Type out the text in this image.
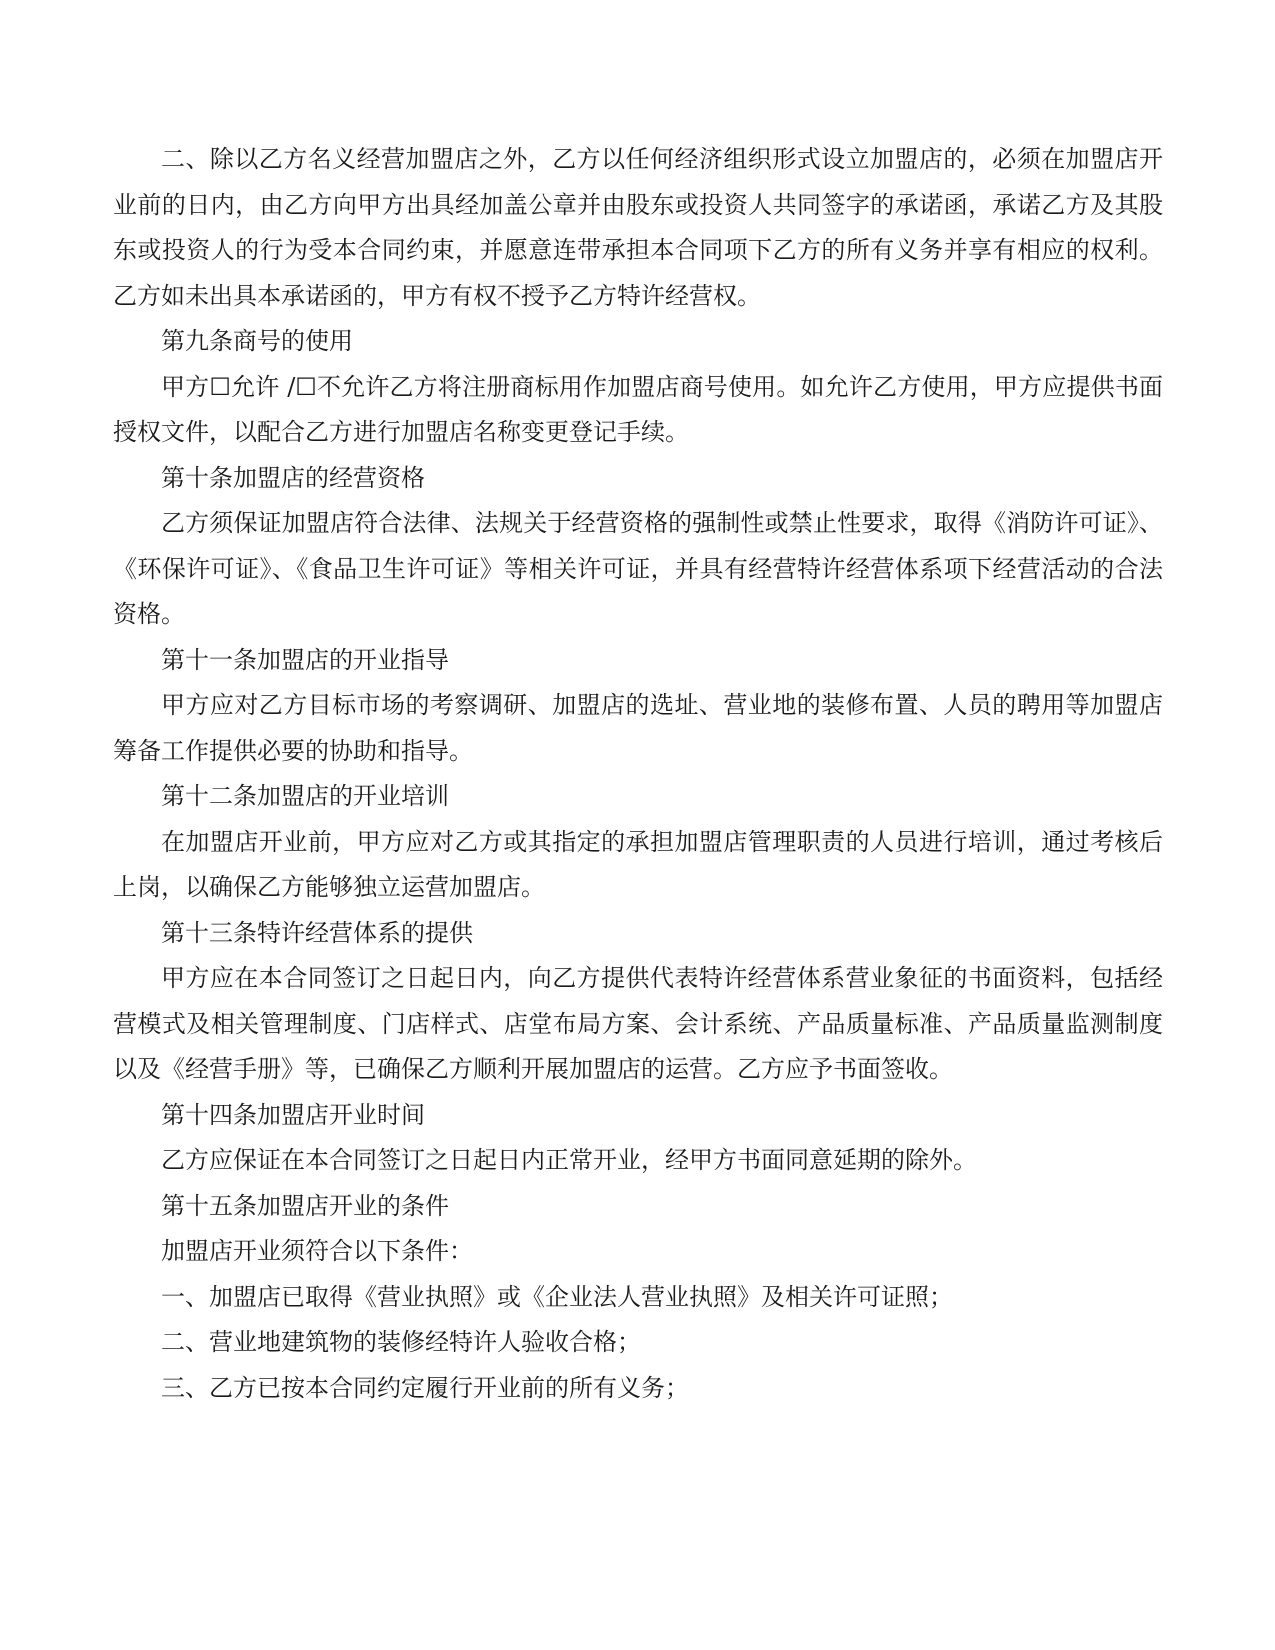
二、除以乙方名义经营加盟店之外，乙方以任何经济组织形式设立加盟店的，必须在加盟店开业前的日内，由乙方向甲方出具经加盖公章并由股东或投资人共同签字的承诺函，承诺乙方及其股东或投资人的行为受本合同约束，并愿意连带承担本合同项下乙方的所有义务并享有相应的权利。乙方如未出具本承诺函的，甲方有权不授予乙方特许经营权。

第九条商号的使用

甲方☐允许 /☐不允许乙方将注册商标用作加盟店商号使用。如允许乙方使用，甲方应提供书面授权文件，以配合乙方进行加盟店名称变更登记手续。

第十条加盟店的经营资格

乙方须保证加盟店符合法律、法规关于经营资格的强制性或禁止性要求，取得《消防许可证》、《环保许可证》、《食品卫生许可证》等相关许可证，并具有经营特许经营体系项下经营活动的合法资格。

第十一条加盟店的开业指导

甲方应对乙方目标市场的考察调研、加盟店的选址、营业地的装修布置、人员的聘用等加盟店筹备工作提供必要的协助和指导。

第十二条加盟店的开业培训

在加盟店开业前，甲方应对乙方或其指定的承担加盟店管理职责的人员进行培训，通过考核后上岗，以确保乙方能够独立运营加盟店。

第十三条特许经营体系的提供

甲方应在本合同签订之日起日内，向乙方提供代表特许经营体系营业象征的书面资料，包括经营模式及相关管理制度、门店样式、店堂布局方案、会计系统、产品质量标准、产品质量监测制度以及《经营手册》等，已确保乙方顺利开展加盟店的运营。乙方应予书面签收。

第十四条加盟店开业时间

乙方应保证在本合同签订之日起日内正常开业，经甲方书面同意延期的除外。

第十五条加盟店开业的条件

加盟店开业须符合以下条件：

一、加盟店已取得《营业执照》或《企业法人营业执照》及相关许可证照；

二、营业地建筑物的装修经特许人验收合格；

三、乙方已按本合同约定履行开业前的所有义务；
